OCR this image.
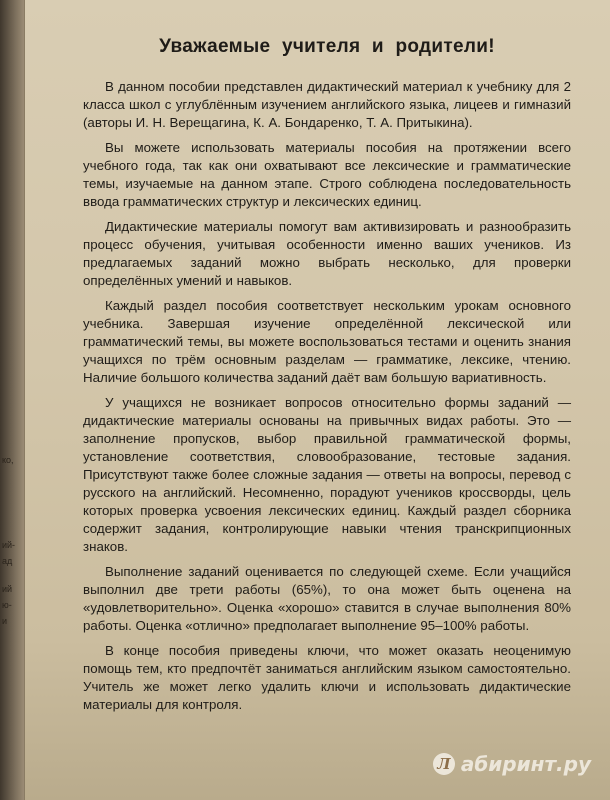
ко,
ий-
ад
ий
ю-
и
Уважаемые учителя и родители!

В данном пособии представлен дидактический материал к учебнику для 2 класса школ с углублённым изучением английского языка, лицеев и гимназий (авторы И. Н. Верещагина, К. А. Бондаренко, Т. А. Притыкина).

Вы можете использовать материалы пособия на протяжении всего учебного года, так как они охватывают все лексические и грамматические темы, изучаемые на данном этапе. Строго соблюдена последовательность ввода грамматических структур и лексических единиц.

Дидактические материалы помогут вам активизировать и разнообразить процесс обучения, учитывая особенности именно ваших учеников. Из предлагаемых заданий можно выбрать несколько, для проверки определённых умений и навыков.

Каждый раздел пособия соответствует нескольким урокам основного учебника. Завершая изучение определённой лексической или грамматический темы, вы можете воспользоваться тестами и оценить знания учащихся по трём основным разделам — грамматике, лексике, чтению. Наличие большого количества заданий даёт вам большую вариативность.

У учащихся не возникает вопросов относительно формы заданий — дидактические материалы основаны на привычных видах работы. Это — заполнение пропусков, выбор правильной грамматической формы, установление соответствия, словообразование, тестовые задания. Присутствуют также более сложные задания — ответы на вопросы, перевод с русского на английский. Несомненно, порадуют учеников кроссворды, цель которых проверка усвоения лексических единиц. Каждый раздел сборника содержит задания, контролирующие навыки чтения транскрипционных знаков.

Выполнение заданий оценивается по следующей схеме. Если учащийся выполнил две трети работы (65%), то она может быть оценена на «удовлетворительно». Оценка «хорошо» ставится в случае выполнения 80% работы. Оценка «отлично» предполагает выполнение 95–100% работы.

В конце пособия приведены ключи, что может оказать неоценимую помощь тем, кто предпочтёт заниматься английским языком самостоятельно. Учитель же может легко удалить ключи и использовать дидактические материалы для контроля.

Л абиринт.ру
